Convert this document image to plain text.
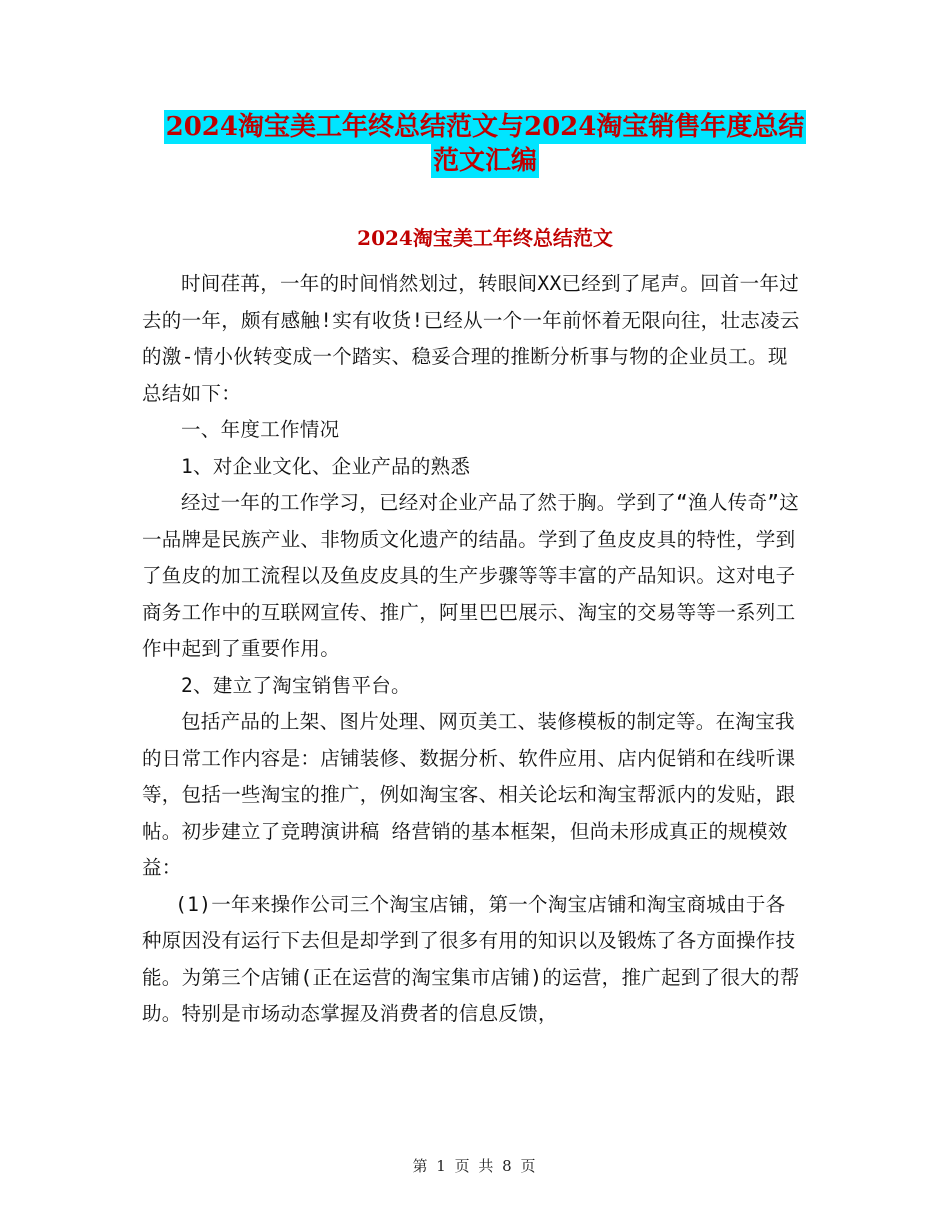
2024淘宝美工年终总结范文与2024淘宝销售年度总结
范文汇编
2024淘宝美工年终总结范文

时间荏苒，一年的时间悄然划过，转眼间XX已经到了尾声。回首一年过去的一年，颇有感触!实有收货!已经从一个一年前怀着无限向往，壮志凌云的激-情小伙转变成一个踏实、稳妥合理的推断分析事与物的企业员工。现总结如下：

一、年度工作情况

1、对企业文化、企业产品的熟悉

经过一年的工作学习，已经对企业产品了然于胸。学到了“渔人传奇”这一品牌是民族产业、非物质文化遗产的结晶。学到了鱼皮皮具的特性，学到了鱼皮的加工流程以及鱼皮皮具的生产步骤等等丰富的产品知识。这对电子商务工作中的互联网宣传、推广，阿里巴巴展示、淘宝的交易等等一系列工作中起到了重要作用。

2、建立了淘宝销售平台。

包括产品的上架、图片处理、网页美工、装修模板的制定等。在淘宝我的日常工作内容是：店铺装修、数据分析、软件应用、店内促销和在线听课等，包括一些淘宝的推广，例如淘宝客、相关论坛和淘宝帮派内的发贴，跟帖。初步建立了竞聘演讲稿 络营销的基本框架，但尚未形成真正的规模效益：

(1)一年来操作公司三个淘宝店铺，第一个淘宝店铺和淘宝商城由于各种原因没有运行下去但是却学到了很多有用的知识以及锻炼了各方面操作技能。为第三个店铺(正在运营的淘宝集市店铺)的运营，推广起到了很大的帮助。特别是市场动态掌握及消费者的信息反馈，

第 1 页 共 8 页
